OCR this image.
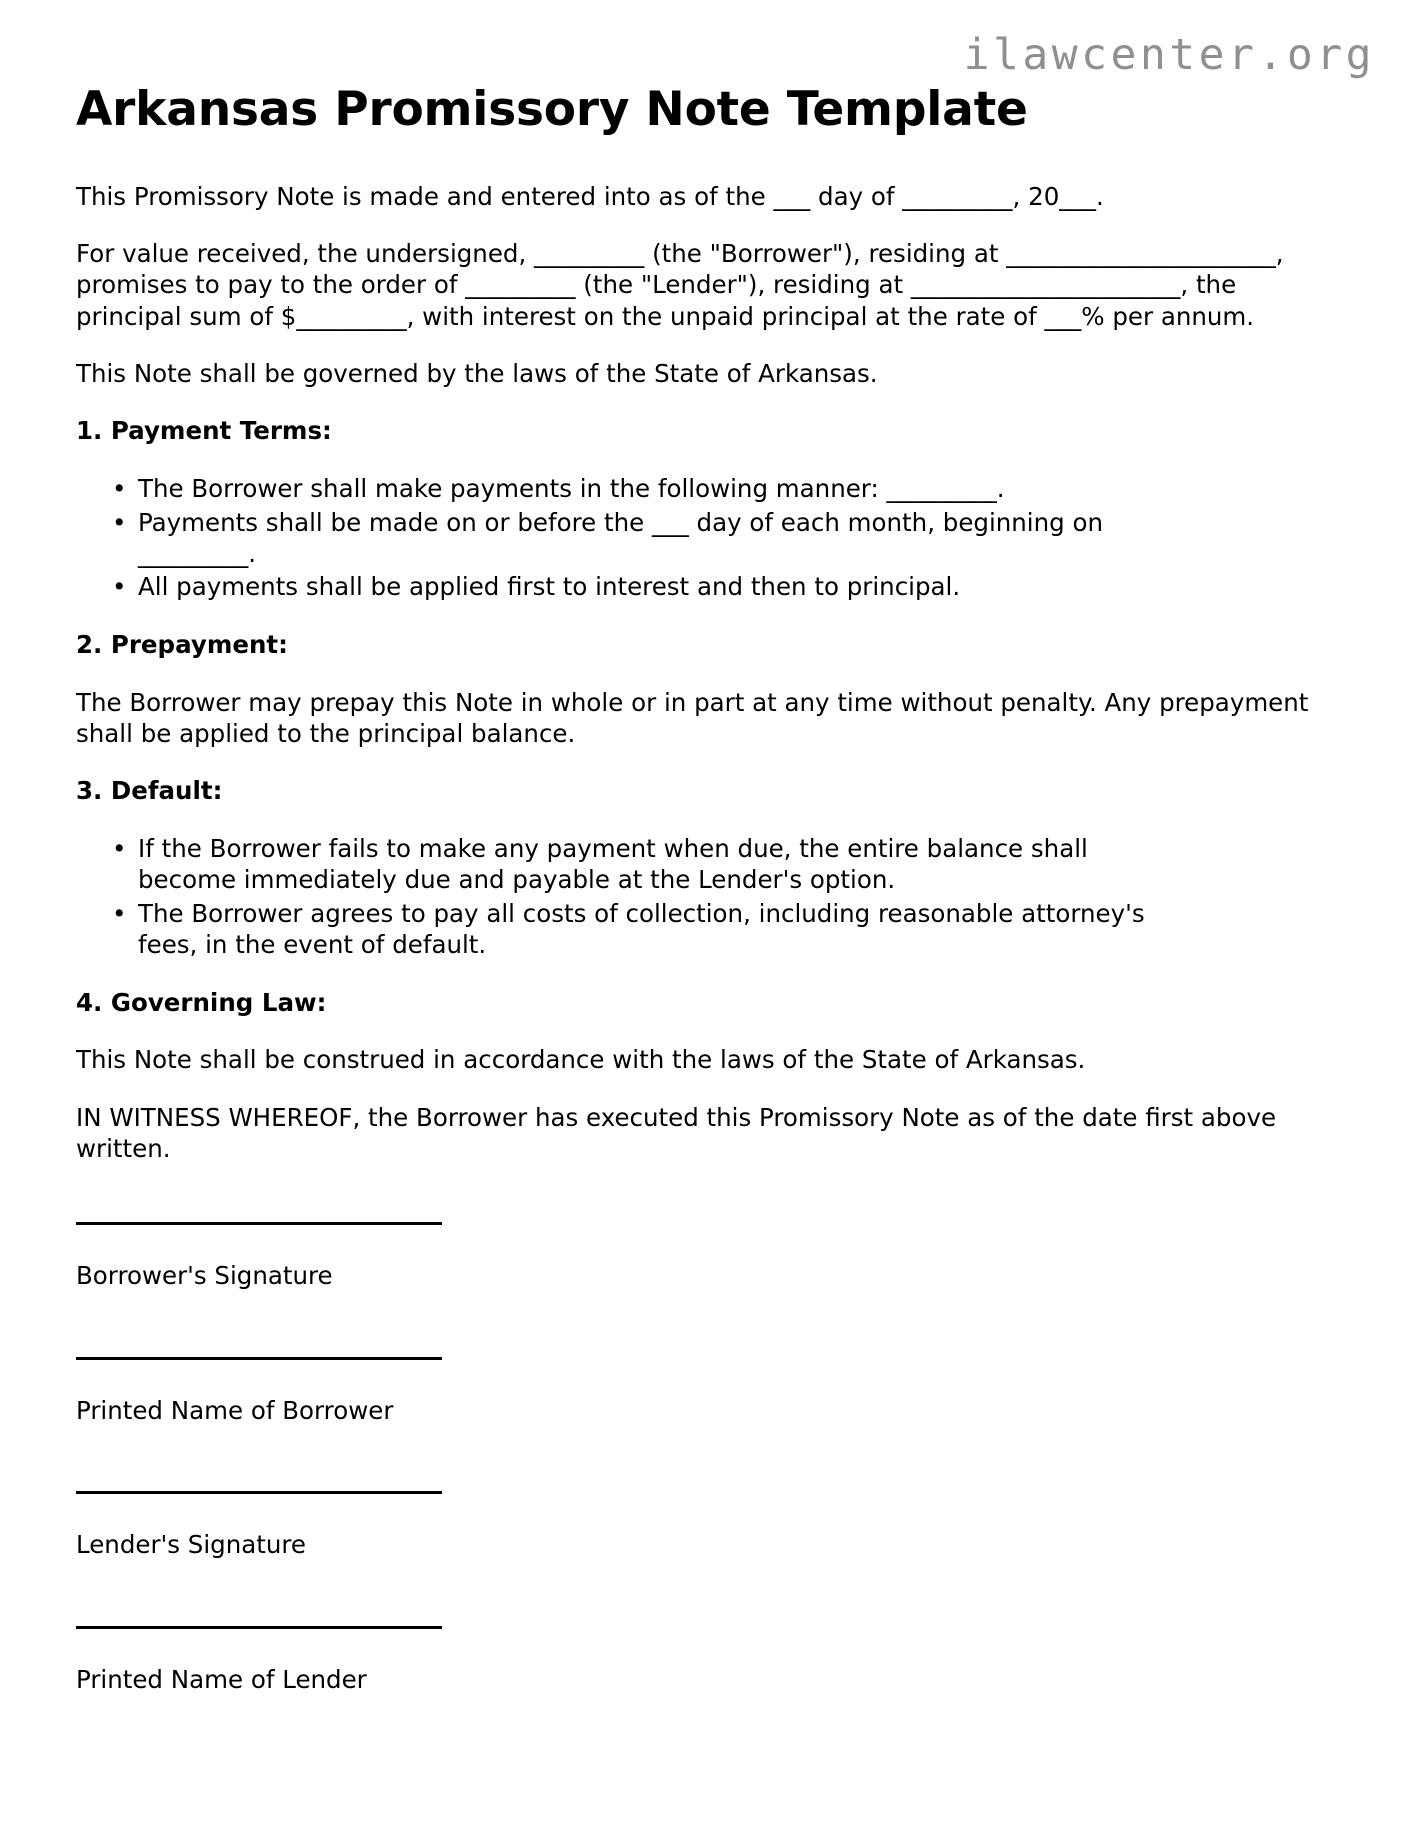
ilawcenter.org
Arkansas Promissory Note Template

This Promissory Note is made and entered into as of the ___ day of _________, 20___.

For value received, the undersigned, _________ (the "Borrower"), residing at ______________________, promises to pay to the order of _________ (the "Lender"), residing at ______________________, the principal sum of $_________, with interest on the unpaid principal at the rate of ___% per annum.

This Note shall be governed by the laws of the State of Arkansas.

1. Payment Terms:
• The Borrower shall make payments in the following manner: _________.
• Payments shall be made on or before the ___ day of each month, beginning on _________.
• All payments shall be applied first to interest and then to principal.
2. Prepayment:

The Borrower may prepay this Note in whole or in part at any time without penalty. Any prepayment shall be applied to the principal balance.

3. Default:
• If the Borrower fails to make any payment when due, the entire balance shall become immediately due and payable at the Lender's option.
• The Borrower agrees to pay all costs of collection, including reasonable attorney's fees, in the event of default.
4. Governing Law:

This Note shall be construed in accordance with the laws of the State of Arkansas.

IN WITNESS WHEREOF, the Borrower has executed this Promissory Note as of the date first above written.

Borrower's Signature
Printed Name of Borrower
Lender's Signature
Printed Name of Lender
